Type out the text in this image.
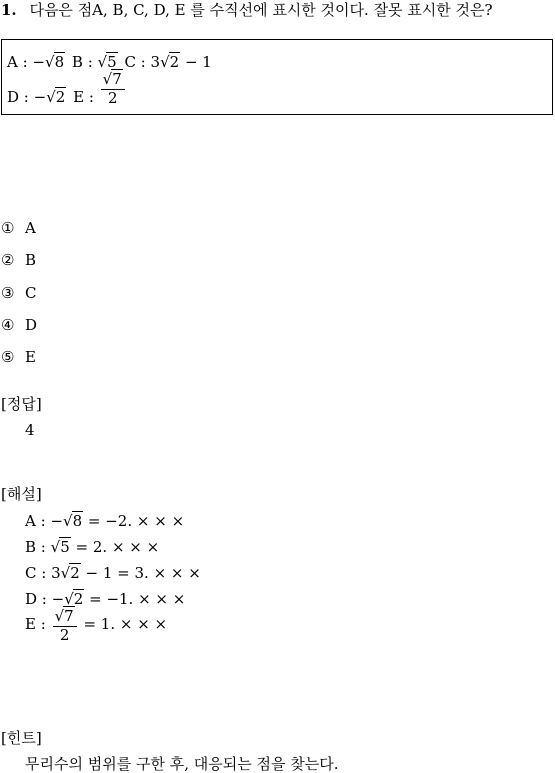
1. 다음은 점A, B, C, D, E 를 수직선에 표시한 것이다. 잘못 표시한 것은?
A : −√8 B : √5 C : 3√2 − 1
D : −√2 E : $\frac{√7}{2}$
① A
② B
③ C
④ D
⑤ E
[정답]
4
[해설]
A : −√8 = −2. × × ×
B : √5 = 2. × × ×
C : 3√2 − 1 = 3. × × ×
D : −√2 = −1. × × ×
E : $\frac{√7}{2} = 1$. × × ×
[힌트]
무리수의 범위를 구한 후, 대응되는 점을 찾는다.
